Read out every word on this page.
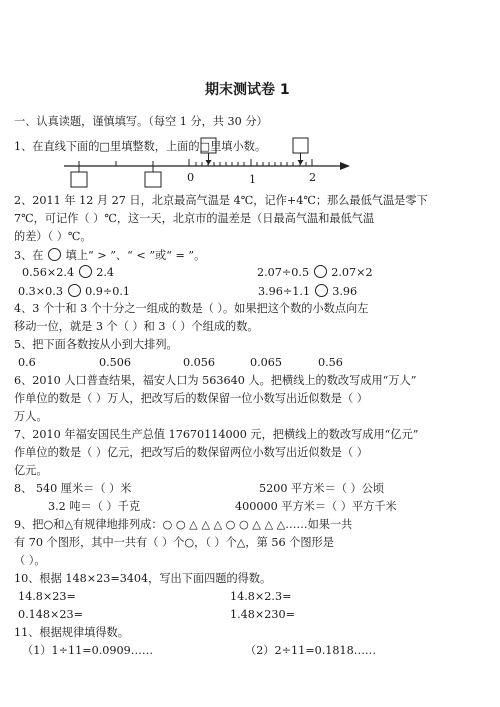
期末测试卷 1
一、认真读题，谨慎填写。（每空 1 分，共 30 分）
1、在直线下面的□里填整数，上面的□里填小数。
0	1	2
2、2011 年 12 月 27 日，北京最高气温是 4℃，记作+4℃；那么最低气温是零下
7℃，可记作（ ）℃，这一天，北京市的温差是（日最高气温和最低气温
的差）（ ）℃。
3、在 填上“ > ”、“ < ”或“ = ”。
0.56×2.4 2.4	2.07÷0.5 2.07×2
0.3×0.3 0.9÷0.1	3.96÷1.1 3.96
4、3 个十和 3 个十分之一组成的数是（ ）。如果把这个数的小数点向左
移动一位，就是 3 个（ ）和 3（ ）个组成的数。
5、把下面各数按从小到大排列。
0.6	0.506	0.056	0.065	0.56
6、2010 人口普查结果，福安人口为 563640 人。把横线上的数改写成用“万人”
作单位的数是（ ）万人，把改写后的数保留一位小数写出近似数是（ ）
万人。
7、2010 年福安国民生产总值 17670114000 元，把横线上的数改写成用“亿元”
作单位的数是（ ）亿元，把改写后的数保留两位小数写出近似数是（ ）
亿元。
8、 540 厘米＝（ ）米	5200 平方米＝（ ）公顷
3.2 吨＝（ ）千克	400000 平方米＝（ ）平方千米
9、把○和△有规律地排列成：○ ○ △ △ △ ○ ○ △ △ △……如果一共
有 70 个图形，其中一共有（ ）个○，（ ）个△，第 56 个图形是
（ ）。
10、根据 148×23=3404，写出下面四题的得数。
14.8×23=	14.8×2.3=
0.148×23=	1.48×230=
11、根据规律填得数。
（1）1÷11=0.0909……	（2）2÷11=0.1818……
